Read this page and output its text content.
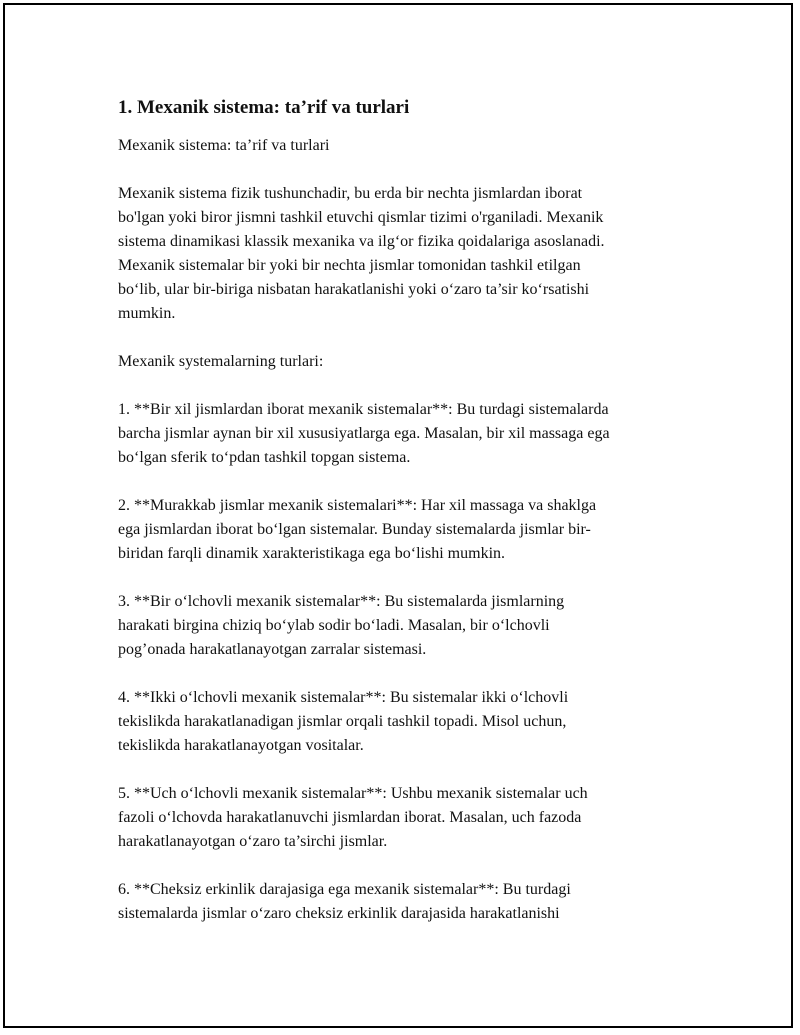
1. Mexanik sistema: ta’rif va turlari

Mexanik sistema: ta’rif va turlari

Mexanik sistema fizik tushunchadir, bu erda bir nechta jismlardan iborat
bo'lgan yoki biror jismni tashkil etuvchi qismlar tizimi o'rganiladi. Mexanik
sistema dinamikasi klassik mexanika va ilg‘or fizika qoidalariga asoslanadi.
Mexanik sistemalar bir yoki bir nechta jismlar tomonidan tashkil etilgan
bo‘lib, ular bir-biriga nisbatan harakatlanishi yoki o‘zaro ta’sir ko‘rsatishi
mumkin.

Mexanik systemalarning turlari:

1. **Bir xil jismlardan iborat mexanik sistemalar**: Bu turdagi sistemalarda
barcha jismlar aynan bir xil xususiyatlarga ega. Masalan, bir xil massaga ega
bo‘lgan sferik to‘pdan tashkil topgan sistema.

2. **Murakkab jismlar mexanik sistemalari**: Har xil massaga va shaklga
ega jismlardan iborat bo‘lgan sistemalar. Bunday sistemalarda jismlar bir-
biridan farqli dinamik xarakteristikaga ega bo‘lishi mumkin.

3. **Bir o‘lchovli mexanik sistemalar**: Bu sistemalarda jismlarning
harakati birgina chiziq bo‘ylab sodir bo‘ladi. Masalan, bir o‘lchovli
pog’onada harakatlanayotgan zarralar sistemasi.

4. **Ikki o‘lchovli mexanik sistemalar**: Bu sistemalar ikki o‘lchovli
tekislikda harakatlanadigan jismlar orqali tashkil topadi. Misol uchun,
tekislikda harakatlanayotgan vositalar.

5. **Uch o‘lchovli mexanik sistemalar**: Ushbu mexanik sistemalar uch
fazoli o‘lchovda harakatlanuvchi jismlardan iborat. Masalan, uch fazoda
harakatlanayotgan o‘zaro ta’sirchi jismlar.

6. **Cheksiz erkinlik darajasiga ega mexanik sistemalar**: Bu turdagi
sistemalarda jismlar o‘zaro cheksiz erkinlik darajasida harakatlanishi
